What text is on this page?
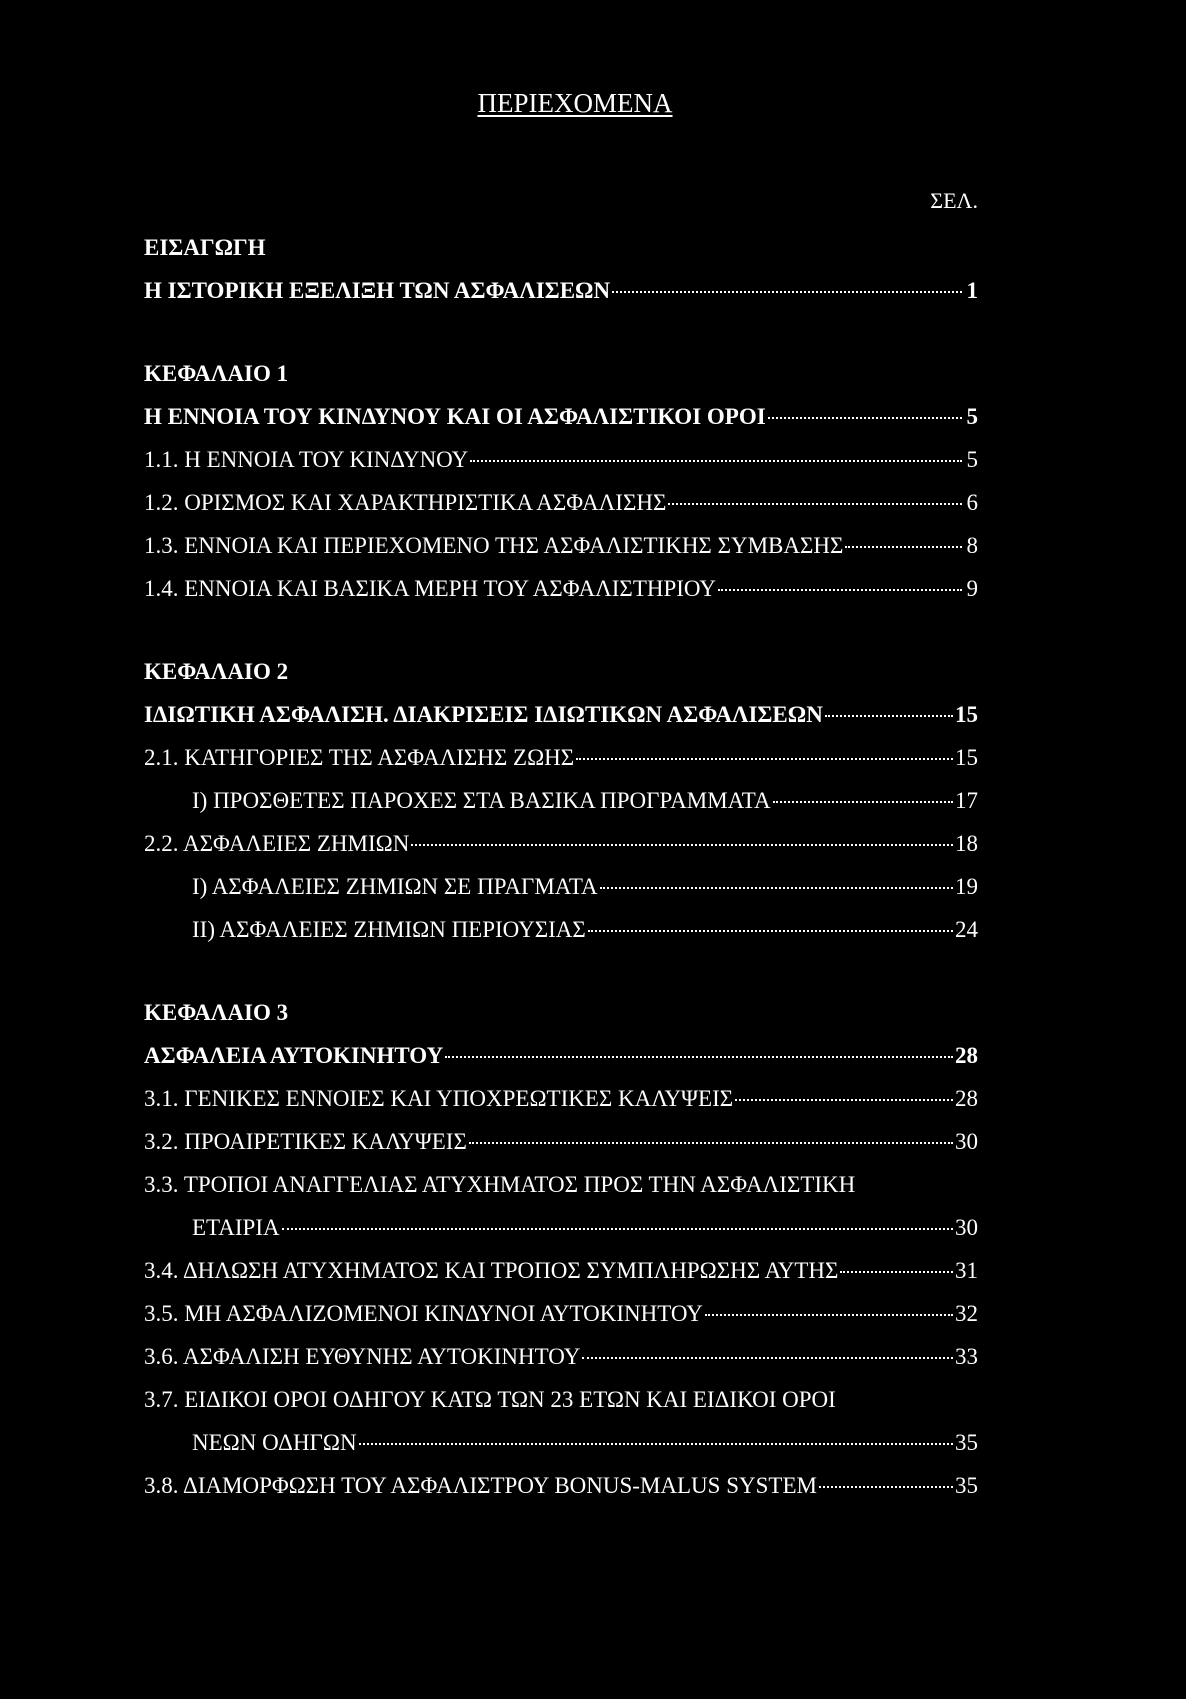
ΠΕΡΙΕΧΟΜΕΝΑ
ΣΕΛ.
ΕΙΣΑΓΩΓΗ
Η ΙΣΤΟΡΙΚΗ ΕΞΕΛΙΞΗ ΤΩΝ ΑΣΦΑΛΙΣΕΩΝ	1
ΚΕΦΑΛΑΙΟ 1
Η ΕΝΝΟΙΑ ΤΟΥ ΚΙΝΔΥΝΟΥ ΚΑΙ ΟΙ ΑΣΦΑΛΙΣΤΙΚΟΙ ΟΡΟΙ	5
1.1. Η ΕΝΝΟΙΑ ΤΟΥ ΚΙΝΔΥΝΟΥ	5
1.2. ΟΡΙΣΜΟΣ ΚΑΙ ΧΑΡΑΚΤΗΡΙΣΤΙΚΑ ΑΣΦΑΛΙΣΗΣ	6
1.3. ΕΝΝΟΙΑ ΚΑΙ ΠΕΡΙΕΧΟΜΕΝΟ ΤΗΣ ΑΣΦΑΛΙΣΤΙΚΗΣ ΣΥΜΒΑΣΗΣ	8
1.4. ΕΝΝΟΙΑ ΚΑΙ ΒΑΣΙΚΑ ΜΕΡΗ ΤΟΥ ΑΣΦΑΛΙΣΤΗΡΙΟΥ	9
ΚΕΦΑΛΑΙΟ 2
ΙΔΙΩΤΙΚΗ ΑΣΦΑΛΙΣΗ. ΔΙΑΚΡΙΣΕΙΣ ΙΔΙΩΤΙΚΩΝ ΑΣΦΑΛΙΣΕΩΝ	15
2.1. ΚΑΤΗΓΟΡΙΕΣ ΤΗΣ ΑΣΦΑΛΙΣΗΣ ΖΩΗΣ	15
Ι) ΠΡΟΣΘΕΤΕΣ ΠΑΡΟΧΕΣ ΣΤΑ ΒΑΣΙΚΑ ΠΡΟΓΡΑΜΜΑΤΑ	17
2.2. ΑΣΦΑΛΕΙΕΣ ΖΗΜΙΩΝ	18
Ι) ΑΣΦΑΛΕΙΕΣ ΖΗΜΙΩΝ ΣΕ ΠΡΑΓΜΑΤΑ	19
ΙΙ) ΑΣΦΑΛΕΙΕΣ ΖΗΜΙΩΝ ΠΕΡΙΟΥΣΙΑΣ	24
ΚΕΦΑΛΑΙΟ 3
ΑΣΦΑΛΕΙΑ ΑΥΤΟΚΙΝΗΤΟΥ	28
3.1. ΓΕΝΙΚΕΣ ΕΝΝΟΙΕΣ ΚΑΙ ΥΠΟΧΡΕΩΤΙΚΕΣ ΚΑΛΥΨΕΙΣ	28
3.2. ΠΡΟΑΙΡΕΤΙΚΕΣ ΚΑΛΥΨΕΙΣ	30
3.3. ΤΡΟΠΟΙ ΑΝΑΓΓΕΛΙΑΣ ΑΤΥΧΗΜΑΤΟΣ ΠΡΟΣ ΤΗΝ ΑΣΦΑΛΙΣΤΙΚΗ
ΕΤΑΙΡΙΑ	30
3.4. ΔΗΛΩΣΗ ΑΤΥΧΗΜΑΤΟΣ ΚΑΙ ΤΡΟΠΟΣ ΣΥΜΠΛΗΡΩΣΗΣ ΑΥΤΗΣ	31
3.5. ΜΗ ΑΣΦΑΛΙΖΟΜΕΝΟΙ ΚΙΝΔΥΝΟΙ ΑΥΤΟΚΙΝΗΤΟΥ	32
3.6. ΑΣΦΑΛΙΣΗ ΕΥΘΥΝΗΣ ΑΥΤΟΚΙΝΗΤΟΥ	33
3.7. ΕΙΔΙΚΟΙ ΟΡΟΙ ΟΔΗΓΟΥ ΚΑΤΩ ΤΩΝ 23 ΕΤΩΝ ΚΑΙ ΕΙΔΙΚΟΙ ΟΡΟΙ
ΝΕΩΝ ΟΔΗΓΩΝ	35
3.8. ΔΙΑΜΟΡΦΩΣΗ ΤΟΥ ΑΣΦΑΛΙΣΤΡΟΥ BONUS-MALUS SYSTEM	35
